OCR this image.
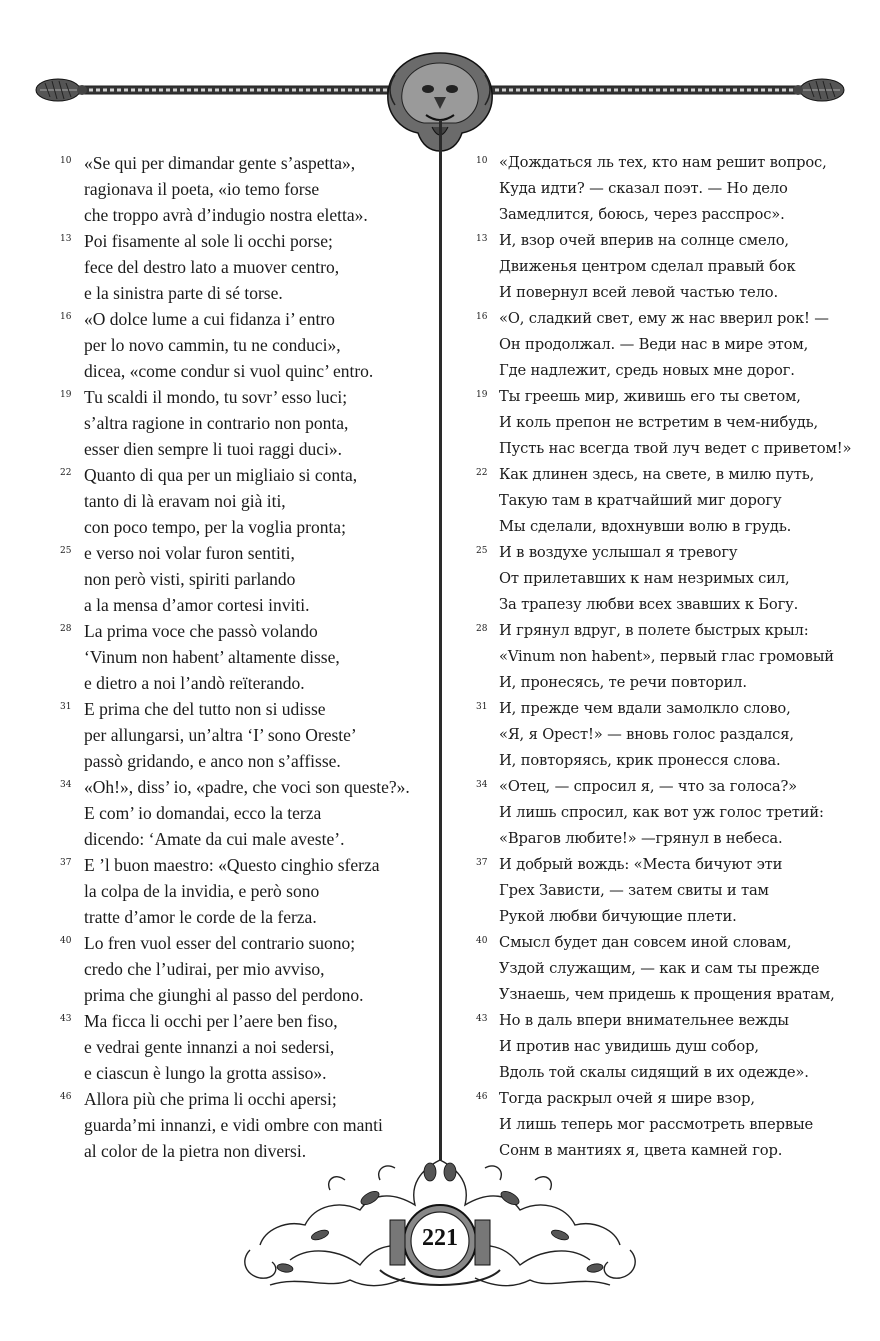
10 «Se qui per dimandar gente s’aspetta»,
ragionava il poeta, «io temo forse
che troppo avrà d’indugio nostra eletta».
13 Poi fisamente al sole li occhi porse;
fece del destro lato a muover centro,
e la sinistra parte di sé torse.
16 «O dolce lume a cui fidanza i’ entro
per lo novo cammin, tu ne conduci»,
dicea, «come condur si vuol quinc’ entro.
19 Tu scaldi il mondo, tu sovr’ esso luci;
s’altra ragione in contrario non ponta,
esser dien sempre li tuoi raggi duci».
22 Quanto di qua per un migliaio si conta,
tanto di là eravam noi già iti,
con poco tempo, per la voglia pronta;
25 e verso noi volar furon sentiti,
non però visti, spiriti parlando
a la mensa d’amor cortesi inviti.
28 La prima voce che passò volando
‘Vinum non habent’ altamente disse,
e dietro a noi l’andò reïterando.
31 E prima che del tutto non si udisse
per allungarsi, un’altra ‘I’ sono Oreste’
passò gridando, e anco non s’affisse.
34 «Oh!», diss’ io, «padre, che voci son queste?».
E com’ io domandai, ecco la terza
dicendo: ‘Amate da cui male aveste’.
37 E ’l buon maestro: «Questo cinghio sferza
la colpa de la invidia, e però sono
tratte d’amor le corde de la ferza.
40 Lo fren vuol esser del contrario suono;
credo che l’udirai, per mio avviso,
prima che giunghi al passo del perdono.
43 Ma ficca li occhi per l’aere ben fiso,
e vedrai gente innanzi a noi sedersi,
e ciascun è lungo la grotta assiso».
46 Allora più che prima li occhi apersi;
guarda’mi innanzi, e vidi ombre con manti
al color de la pietra non diversi.
10 «Дождаться ль тех, кто нам решит вопрос,
Куда идти? — сказал поэт. — Но дело
Замедлится, боюсь, через расспрос».
13 И, взор очей вперив на солнце смело,
Движенья центром сделал правый бок
И повернул всей левой частью тело.
16 «О, сладкий свет, ему ж нас вверил рок! —
Он продолжал. — Веди нас в мире этом,
Где надлежит, средь новых мне дорог.
19 Ты греешь мир, живишь его ты светом,
И коль препон не встретим в чем-нибудь,
Пусть нас всегда твой луч ведет с приветом!»
22 Как длинен здесь, на свете, в милю путь,
Такую там в кратчайший миг дорогу
Мы сделали, вдохнувши волю в грудь.
25 И в воздухе услышал я тревогу
От прилетавших к нам незримых сил,
За трапезу любви всех звавших к Богу.
28 И грянул вдруг, в полете быстрых крыл:
«Vinum non habent», первый глас громовый
И, пронесясь, те речи повторил.
31 И, прежде чем вдали замолкло слово,
«Я, я Орест!» — вновь голос раздался,
И, повторяясь, крик пронесся слова.
34 «Отец, — спросил я, — что за голоса?»
И лишь спросил, как вот уж голос третий:
«Врагов любите!» —грянул в небеса.
37 И добрый вождь: «Места бичуют эти
Грех Зависти, — затем свиты и там
Рукой любви бичующие плети.
40 Смысл будет дан совсем иной словам,
Уздой служащим, — как и сам ты прежде
Узнаешь, чем придешь к прощения вратам,
43 Но в даль впери внимательнее вежды
И против нас увидишь душ собор,
Вдоль той скалы сидящий в их одежде».
46 Тогда раскрыл очей я шире взор,
И лишь теперь мог рассмотреть впервые
Сонм в мантиях я, цвета камней гор.
221
